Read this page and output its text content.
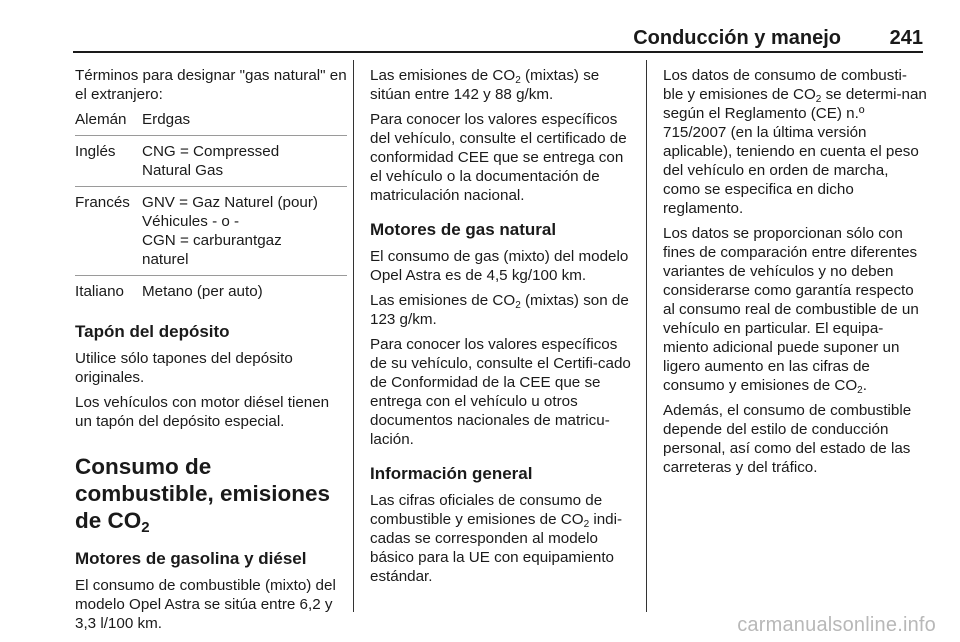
Conducción y manejo 241

Términos para designar "gas natural" en el extranjero:

Alemán	Erdgas
Inglés	CNG = Compressed
Natural Gas
Francés GNV = Gaz Naturel (pour)
Véhicules - o -
CGN = carburantgaz
naturel
Italiano	Metano (per auto)
Tapón del depósito

Utilice sólo tapones del depósito originales.

Los vehículos con motor diésel tienen un tapón del depósito especial.

Consumo de combustible, emisiones de $CO_2$
Motores de gasolina y diésel

El consumo de combustible (mixto) del modelo Opel Astra se sitúa entre 6,2 y 3,3 l/100 km.

Las emisiones de $CO_2$ (mixtas) se sitúan entre 142 y 88 g/km.

Para conocer los valores específicos del vehículo, consulte el certificado de conformidad CEE que se entrega con el vehículo o la documentación de matriculación nacional.

Motores de gas natural

El consumo de gas (mixto) del modelo Opel Astra es de 4,5 kg/100 km.

Las emisiones de $CO_2$ (mixtas) son de 123 g/km.

Para conocer los valores específicos de su vehículo, consulte el Certifi-cado de Conformidad de la CEE que se entrega con el vehículo u otros documentos nacionales de matricu-lación.

Información general

Las cifras oficiales de consumo de combustible y emisiones de $CO_2$ indi-cadas se corresponden al modelo básico para la UE con equipamiento estándar.

Los datos de consumo de combusti-ble y emisiones de $CO_2$ se determi-nan según el Reglamento (CE) n.º 715/2007 (en la última versión aplicable), teniendo en cuenta el peso del vehículo en orden de marcha, como se especifica en dicho reglamento.

Los datos se proporcionan sólo con fines de comparación entre diferentes variantes de vehículos y no deben considerarse como garantía respecto al consumo real de combustible de un vehículo en particular. El equipa-miento adicional puede suponer un ligero aumento en las cifras de consumo y emisiones de $CO_2$.

Además, el consumo de combustible depende del estilo de conducción personal, así como del estado de las carreteras y del tráfico.

carmanualsonline.info
